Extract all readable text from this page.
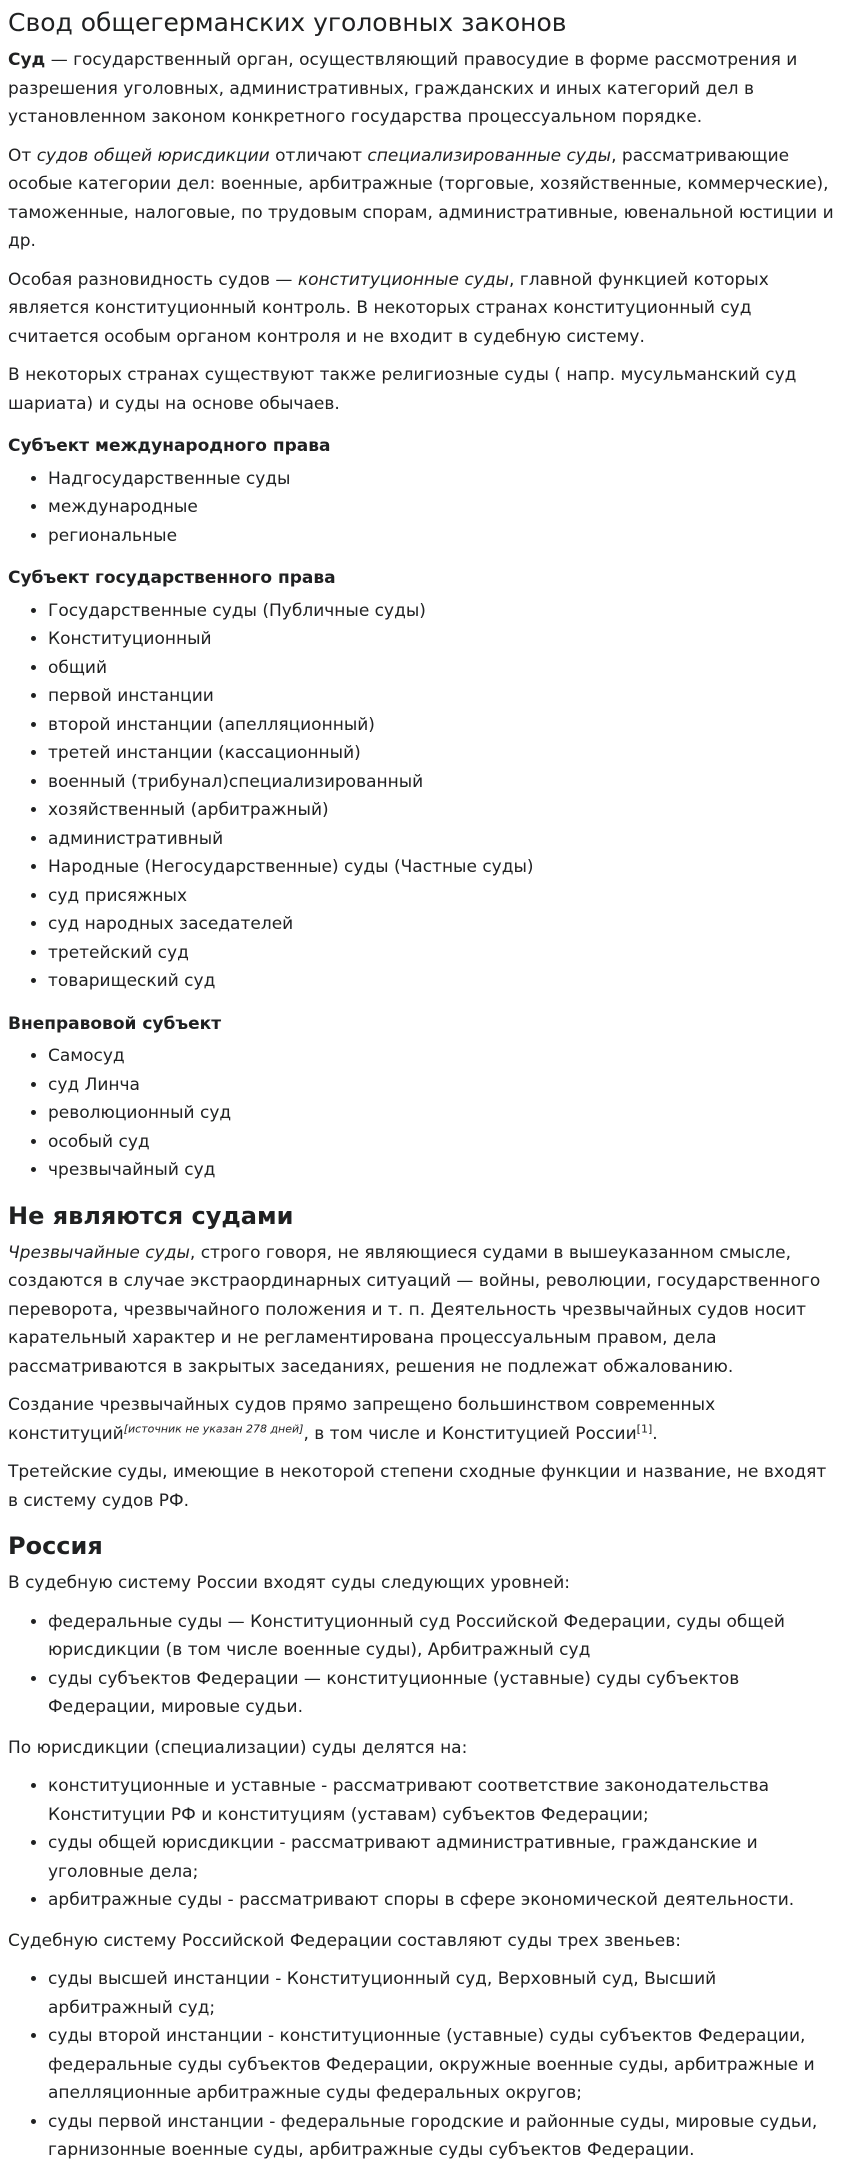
Свод общегерманских уголовных законов

Суд — государственный орган, осуществляющий правосудие в форме рассмотрения и разрешения уголовных, административных, гражданских и иных категорий дел в установленном законом конкретного государства процессуальном порядке.

От судов общей юрисдикции отличают специализированные суды, рассматривающие особые категории дел: военные, арбитражные (торговые, хозяйственные, коммерческие), таможенные, налоговые, по трудовым спорам, административные, ювенальной юстиции и др.

Особая разновидность судов — конституционные суды, главной функцией которых является конституционный контроль. В некоторых странах конституционный суд считается особым органом контроля и не входит в судебную систему.

В некоторых странах существуют также религиозные суды ( напр. мусульманский суд шариата) и суды на основе обычаев.

Субъект международного права
• Надгосударственные суды
• международные
• региональные
Субъект государственного права
• Государственные суды (Публичные суды)
• Конституционный
• общий
• первой инстанции
• второй инстанции (апелляционный)
• третей инстанции (кассационный)
• военный (трибунал)специализированный
• хозяйственный (арбитражный)
• административный
• Народные (Негосударственные) суды (Частные суды)
• суд присяжных
• суд народных заседателей
• третейский суд
• товарищеский суд
Внеправовой субъект
• Самосуд
• суд Линча
• революционный суд
• особый суд
• чрезвычайный суд
Не являются судами

Чрезвычайные суды, строго говоря, не являющиеся судами в вышеуказанном смысле, создаются в случае экстраординарных ситуаций — войны, революции, государственного переворота, чрезвычайного положения и т. п. Деятельность чрезвычайных судов носит карательный характер и не регламентирована процессуальным правом, дела рассматриваются в закрытых заседаниях, решения не подлежат обжалованию.

Создание чрезвычайных судов прямо запрещено большинством современных конституций[источник не указан 278 дней], в том числе и Конституцией России[1].

Третейские суды, имеющие в некоторой степени сходные функции и название, не входят в систему судов РФ.

Россия

В судебную систему России входят суды следующих уровней:

• федеральные суды — Конституционный суд Российской Федерации, суды общей юрисдикции (в том числе военные суды), Арбитражный суд
• суды субъектов Федерации — конституционные (уставные) суды субъектов Федерации, мировые судьи.

По юрисдикции (специализации) суды делятся на:

• конституционные и уставные - рассматривают соответствие законодательства Конституции РФ и конституциям (уставам) субъектов Федерации;
• суды общей юрисдикции - рассматривают административные, гражданские и уголовные дела;
• арбитражные суды - рассматривают споры в сфере экономической деятельности.

Судебную систему Российской Федерации составляют суды трех звеньев:

• суды высшей инстанции - Конституционный суд, Верховный суд, Высший арбитражный суд;
• суды второй инстанции - конституционные (уставные) суды субъектов Федерации, федеральные суды субъектов Федерации, окружные военные суды, арбитражные и апелляционные арбитражные суды федеральных округов;
• суды первой инстанции - федеральные городские и районные суды, мировые судьи, гарнизонные военные суды, арбитражные суды субъектов Федерации.
